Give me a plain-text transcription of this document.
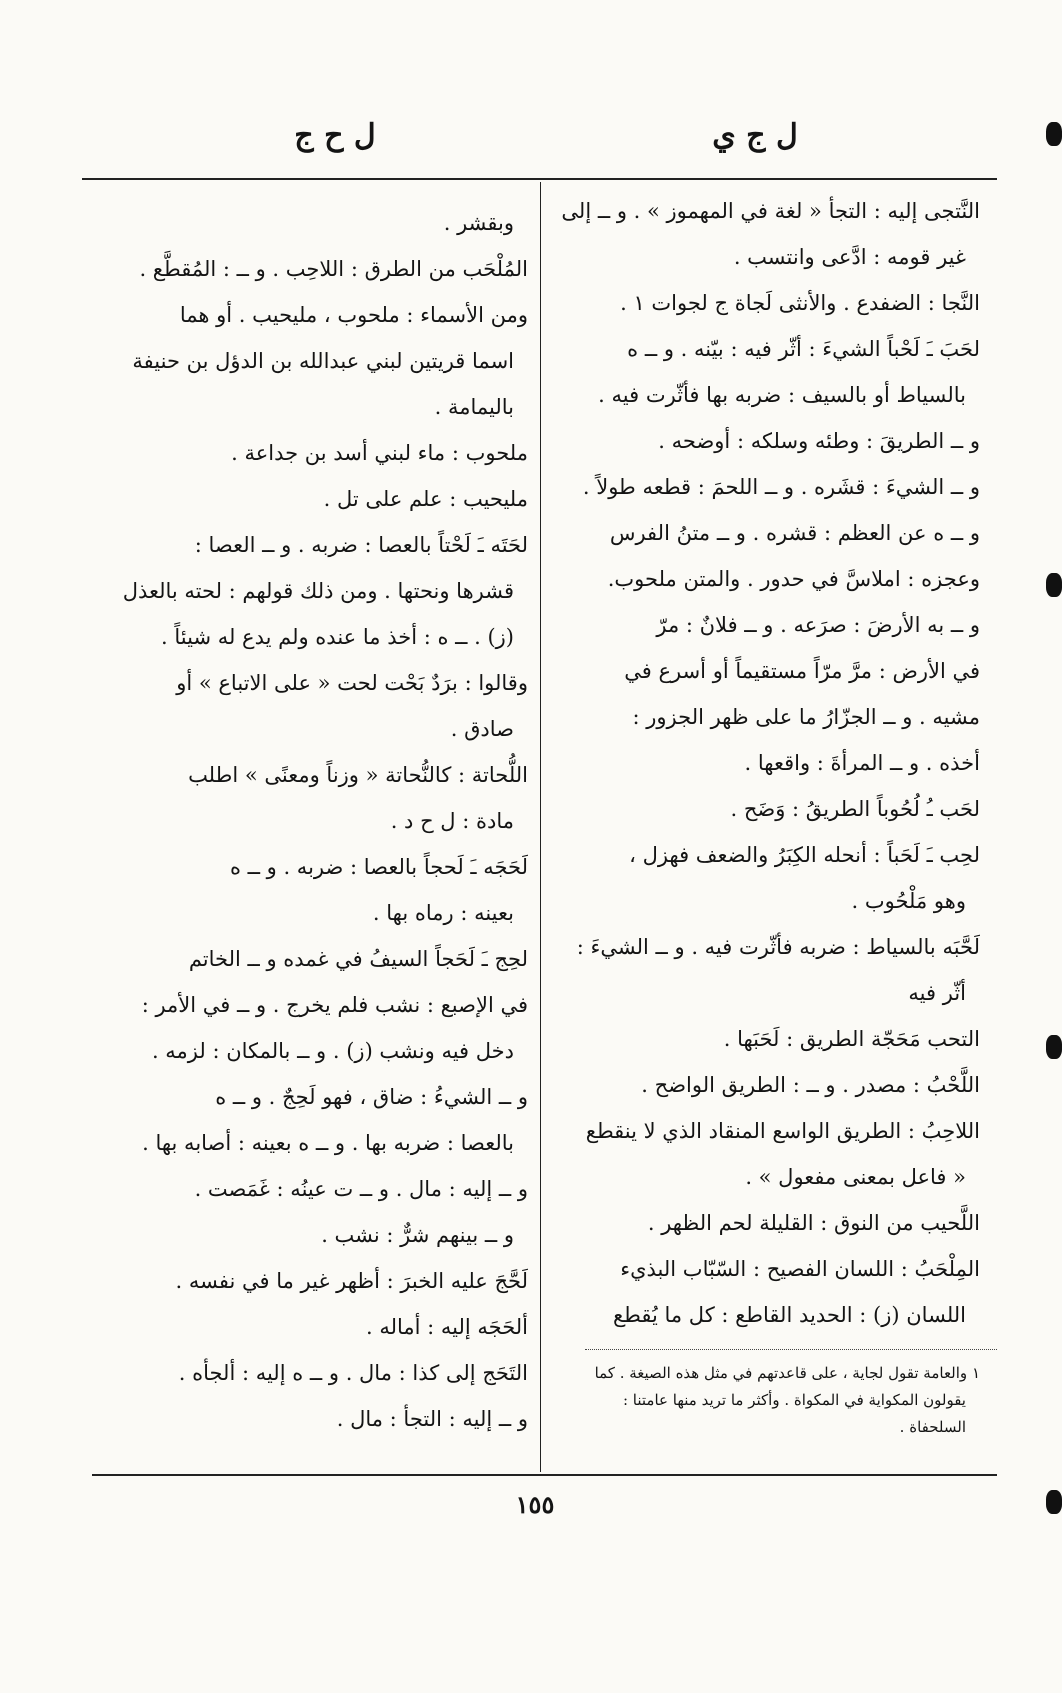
ل ج ي
ل ح ج
النَّتجى إليه : التجأ « لغة في المهموز » . و ــ إلى
غير قومه : ادَّعى وانتسب .
النَّجا : الضفدع . والأنثى لَجاة ج لجوات ١ .
لحَبَ ـَ لَحْباً الشيءَ : أثّر فيه : بيّنه . و ــ ه
بالسياط أو بالسيف : ضربه بها فأثّرت فيه .
و ــ الطريقَ : وطئه وسلكه : أوضحه .
و ــ الشيءَ : قشَره . و ــ اللحمَ : قطعه طولاً .
و ــ ه عن العظم : قشره . و ــ متنُ الفرس
وعجزه : املاسَّ في حدور . والمتن ملحوب.
و ــ به الأرضَ : صرَعه . و ــ فلانٌ : مرّ
في الأرض : مرَّ مرّاً مستقيماً أو أسرع في
مشيه . و ــ الجزّارُ ما على ظهر الجزور :
أخذه . و ــ المرأةَ : واقعها .
لحَب ـُ لُحُوباً الطريقُ : وَضَح .
لحِب ـَ لَحَباً : أنحله الكِبَرُ والضعف فهزل ،
وهو مَلْحُوب .
لَحَّبَه بالسياط : ضربه فأثّرت فيه . و ــ الشيءَ :
أثّر فيه
التحب مَحَجّة الطريق : لَحَبَها .
اللَّحْبُ : مصدر . و ــ : الطريق الواضح .
اللاحِبُ : الطريق الواسع المنقاد الذي لا ينقطع
« فاعل بمعنى مفعول » .
اللَّحيب من النوق : القليلة لحم الظهر .
المِلْحَبُ : اللسان الفصيح : السّبّاب البذيء
اللسان (ز) : الحديد القاطع : كل ما يُقطع
١ والعامة تقول لجاية ، على قاعدتهم في مثل هذه الصيغة . كما
يقولون المكواية في المكواة . وأكثر ما تريد منها عامتنا :
السلحفاة .
وبقشر .
المُلْحَب من الطرق : اللاحِب . و ــ : المُقطَّع .
ومن الأسماء : ملحوب ، مليحيب . أو هما
اسما قريتين لبني عبدالله بن الدؤل بن حنيفة
باليمامة .
ملحوب : ماء لبني أسد بن جداعة .
مليحيب : علم على تل .
لحَتَه ـَ لَحْتاً بالعصا : ضربه . و ــ العصا :
قشرها ونحتها . ومن ذلك قولهم : لحته بالعذل
(ز) . ــ ه : أخذ ما عنده ولم يدع له شيئاً .
وقالوا : برَدٌ بَحْت لحت « على الاتباع » أو
صادق .
اللُّحاتة : كالنُّحاتة « وزناً ومعنًى » اطلب
مادة : ل ح د .
لَحَجَه ـَ لَحجاً بالعصا : ضربه . و ــ ه
بعينه : رماه بها .
لحِج ـَ لَحَجاً السيفُ في غمده و ــ الخاتم
في الإصبع : نشب فلم يخرج . و ــ في الأمر :
دخل فيه ونشب (ز) . و ــ بالمكان : لزمه .
و ــ الشيءُ : ضاق ، فهو لَحِجٌ . و ــ ه
بالعصا : ضربه بها . و ــ ه بعينه : أصابه بها .
و ــ إليه : مال . و ــ ت عينُه : غَمَصت .
و ــ بينهم شرٌّ : نشب .
لَحَّجَ عليه الخبرَ : أظهر غير ما في نفسه .
ألحَجَه إليه : أماله .
التَحَج إلى كذا : مال . و ــ ه إليه : ألجأه .
و ــ إليه : التجأ : مال .
١٥٥
